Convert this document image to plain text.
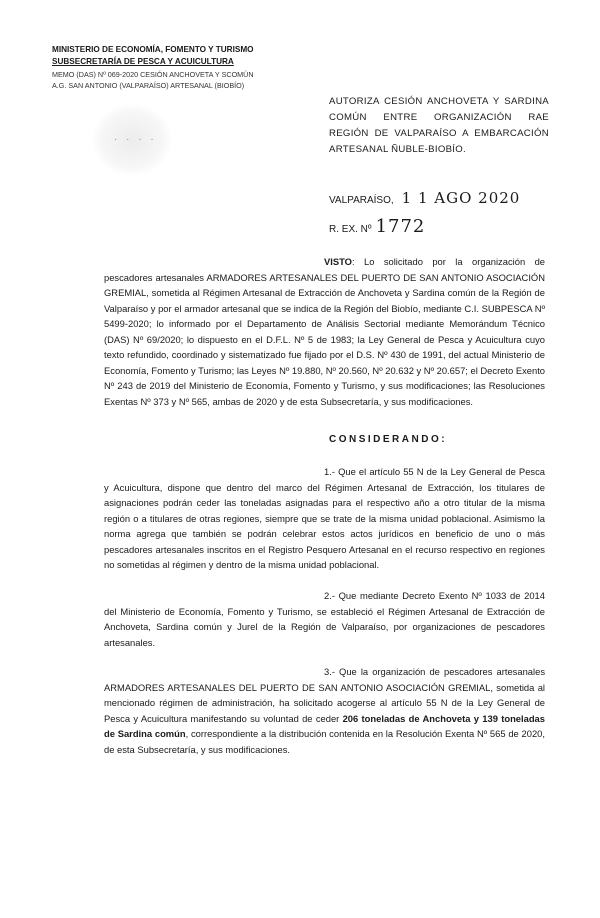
MINISTERIO DE ECONOMÍA, FOMENTO Y TURISMO
SUBSECRETARÍA DE PESCA Y ACUICULTURA
MEMO (DAS) Nº 069-2020 CESIÓN ANCHOVETA Y SCOMÚN
A.G. SAN ANTONIO (VALPARAÍSO) ARTESANAL (BIOBÍO)
· · · ·
AUTORIZA CESIÓN ANCHOVETA Y SARDINA COMÚN ENTRE ORGANIZACIÓN RAE REGIÓN DE VALPARAÍSO A EMBARCACIÓN ARTESANAL ÑUBLE-BIOBÍO.
VALPARAÍSO, 1 1 AGO 2020
R. EX. Nº 1772
VISTO: Lo solicitado por la organización de pescadores artesanales ARMADORES ARTESANALES DEL PUERTO DE SAN ANTONIO ASOCIACIÓN GREMIAL, sometida al Régimen Artesanal de Extracción de Anchoveta y Sardina común de la Región de Valparaíso y por el armador artesanal que se indica de la Región del Biobío, mediante C.I. SUBPESCA Nº 5499-2020; lo informado por el Departamento de Análisis Sectorial mediante Memorándum Técnico (DAS) Nº 69/2020; lo dispuesto en el D.F.L. Nº 5 de 1983; la Ley General de Pesca y Acuicultura cuyo texto refundido, coordinado y sistematizado fue fijado por el D.S. Nº 430 de 1991, del actual Ministerio de Economía, Fomento y Turismo; las Leyes Nº 19.880, Nº 20.560, Nº 20.632 y Nº 20.657; el Decreto Exento Nº 243 de 2019 del Ministerio de Economía, Fomento y Turismo, y sus modificaciones; las Resoluciones Exentas Nº 373 y Nº 565, ambas de 2020 y de esta Subsecretaría, y sus modificaciones.
CONSIDERANDO:
1.- Que el artículo 55 N de la Ley General de Pesca y Acuicultura, dispone que dentro del marco del Régimen Artesanal de Extracción, los titulares de asignaciones podrán ceder las toneladas asignadas para el respectivo año a otro titular de la misma región o a titulares de otras regiones, siempre que se trate de la misma unidad poblacional. Asimismo la norma agrega que también se podrán celebrar estos actos jurídicos en beneficio de uno o más pescadores artesanales inscritos en el Registro Pesquero Artesanal en el recurso respectivo en regiones no sometidas al régimen y dentro de la misma unidad poblacional.
2.- Que mediante Decreto Exento Nº 1033 de 2014 del Ministerio de Economía, Fomento y Turismo, se estableció el Régimen Artesanal de Extracción de Anchoveta, Sardina común y Jurel de la Región de Valparaíso, por organizaciones de pescadores artesanales.
3.- Que la organización de pescadores artesanales ARMADORES ARTESANALES DEL PUERTO DE SAN ANTONIO ASOCIACIÓN GREMIAL, sometida al mencionado régimen de administración, ha solicitado acogerse al artículo 55 N de la Ley General de Pesca y Acuicultura manifestando su voluntad de ceder 206 toneladas de Anchoveta y 139 toneladas de Sardina común, correspondiente a la distribución contenida en la Resolución Exenta Nº 565 de 2020, de esta Subsecretaría, y sus modificaciones.
